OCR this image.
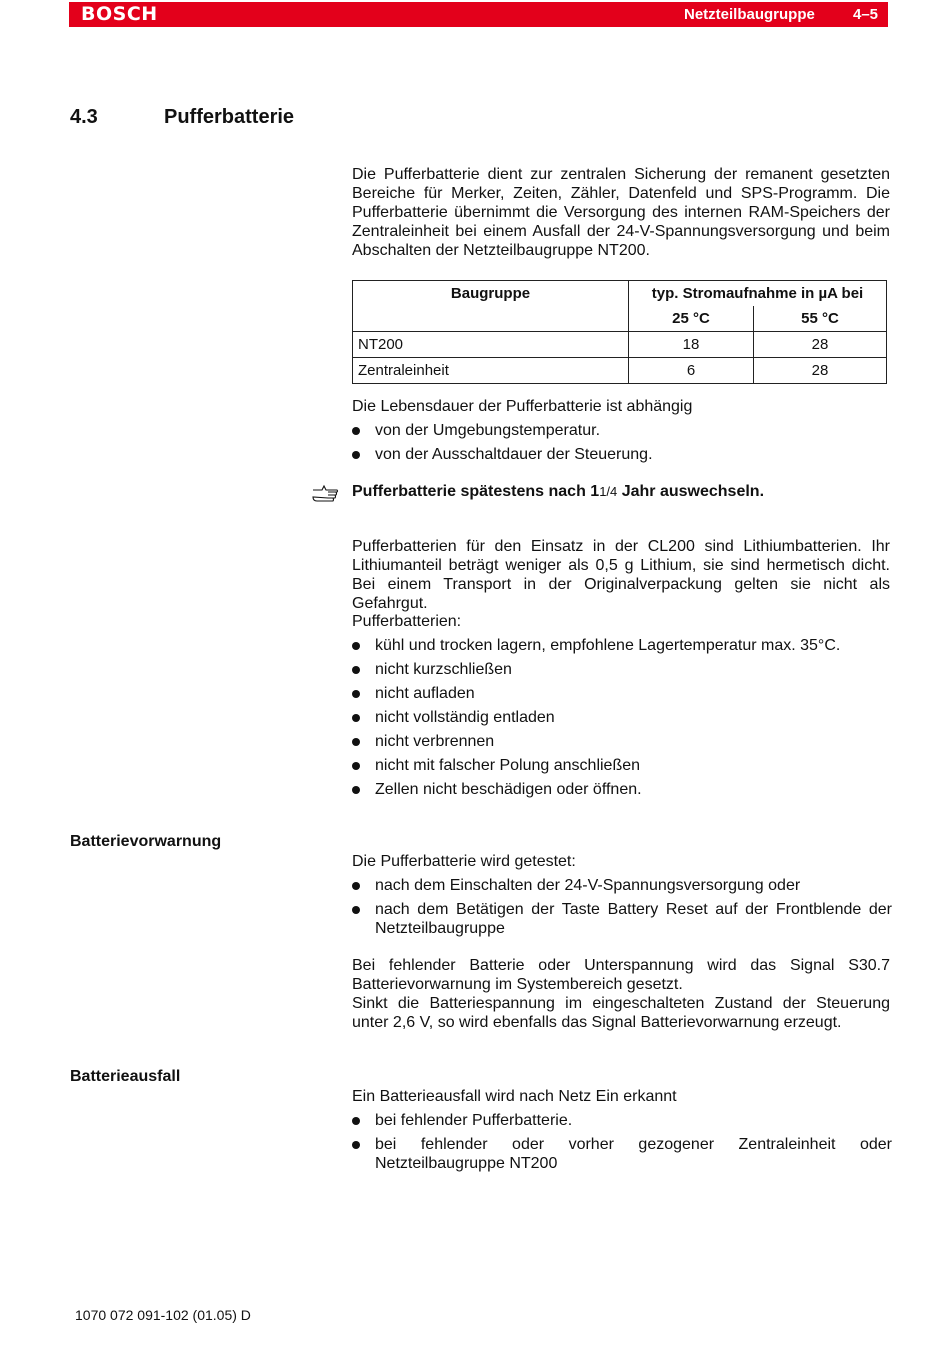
BOSCH	Netzteilbaugruppe	4–5
4.3	Pufferbatterie

Die Pufferbatterie dient zur zentralen Sicherung der remanent gesetzten Bereiche für Merker, Zeiten, Zähler, Datenfeld und SPS-Programm. Die Pufferbatterie übernimmt die Versorgung des internen RAM-Speichers der Zentraleinheit bei einem Ausfall der 24-V-Spannungsversorgung und beim Abschalten der Netzteilbaugruppe NT200.

Baugruppe	typ. Stromaufnahme in µA bei	
	25 °C	55 °C
NT200	18	28
Zentraleinheit	6	28

Die Lebensdauer der Pufferbatterie ist abhängig

von der Umgebungstemperatur.
von der Ausschaltdauer der Steuerung.
Pufferbatterie spätestens nach 11/4 Jahr auswechseln.

Pufferbatterien für den Einsatz in der CL200 sind Lithiumbatterien. Ihr Lithiumanteil beträgt weniger als 0,5 g Lithium, sie sind hermetisch dicht. Bei einem Transport in der Originalverpackung gelten sie nicht als Gefahrgut.

Pufferbatterien:

kühl und trocken lagern, empfohlene Lagertemperatur max. 35°C.
nicht kurzschließen
nicht aufladen
nicht vollständig entladen
nicht verbrennen
nicht mit falscher Polung anschließen
Zellen nicht beschädigen oder öffnen.
Batterievorwarnung

Die Pufferbatterie wird getestet:

nach dem Einschalten der 24-V-Spannungsversorgung oder
nach dem Betätigen der Taste Battery Reset auf der Frontblende der Netzteilbaugruppe

Bei fehlender Batterie oder Unterspannung wird das Signal S30.7 Batterievorwarnung im Systembereich gesetzt.

Sinkt die Batteriespannung im eingeschalteten Zustand der Steuerung unter 2,6 V, so wird ebenfalls das Signal Batterievorwarnung erzeugt.

Batterieausfall

Ein Batterieausfall wird nach Netz Ein erkannt

bei fehlender Pufferbatterie.
bei fehlender oder vorher gezogener Zentraleinheit oder Netzteilbaugruppe NT200
1070 072 091-102 (01.05) D
